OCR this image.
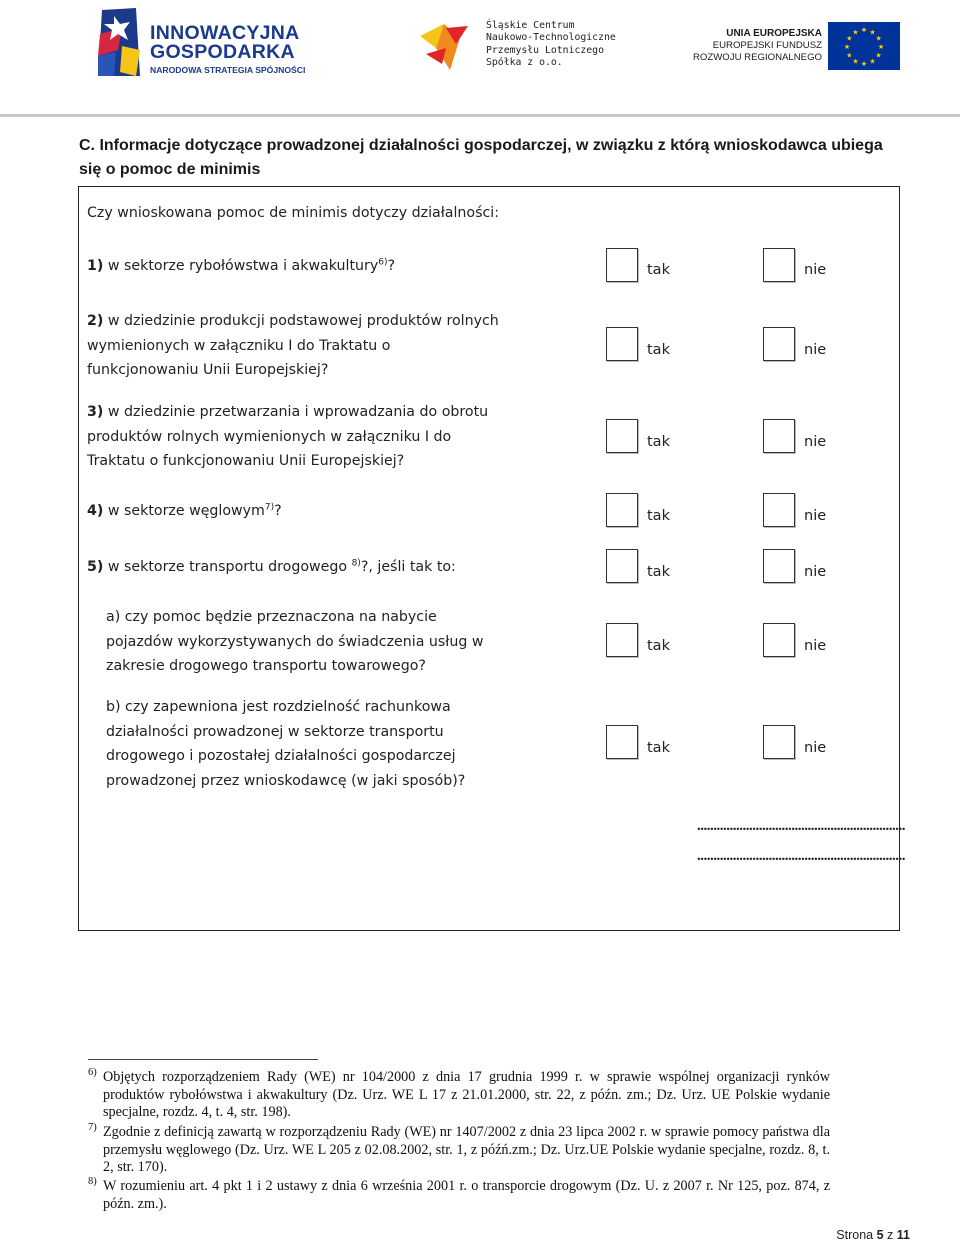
INNOWACYJNA
GOSPODARKA
NARODOWA STRATEGIA SPÓJNOŚCI
Śląskie Centrum
Naukowo-Technologiczne
Przemysłu Lotniczego
Spółka z o.o.
UNIA EUROPEJSKA
EUROPEJSKI FUNDUSZ
ROZWOJU REGIONALNEGO
★ ★
★
★
★
★
★
★
★
★
★
★
C. Informacje dotyczące prowadzonej działalności gospodarczej, w związku z którą wnioskodawca ubiega się o pomoc de minimis
Czy wnioskowana pomoc de minimis dotyczy działalności:
1) w sektorze rybołówstwa i akwakultury$^{6)}$?	tak	nie
2) w dziedzinie produkcji podstawowej produktów rolnych
wymienionych w załączniku I do Traktatu o
funkcjonowaniu Unii Europejskiej?
tak	nie
3) w dziedzinie przetwarzania i wprowadzania do obrotu
produktów rolnych wymienionych w załączniku I do
Traktatu o funkcjonowaniu Unii Europejskiej?
tak	nie
4) w sektorze węglowym$^{7)}$?	tak	nie
5) w sektorze transportu drogowego $^{8)}$?, jeśli tak to:	tak	nie
a) czy pomoc będzie przeznaczona na nabycie
pojazdów wykorzystywanych do świadczenia usług w
zakresie drogowego transportu towarowego?
tak	nie
b) czy zapewniona jest rozdzielność rachunkowa
działalności prowadzonej w sektorze transportu
drogowego i pozostałej działalności gospodarczej
prowadzonej przez wnioskodawcę (w jaki sposób)?
tak	nie
................................................................
................................................................
6) Objętych rozporządzeniem Rady (WE) nr 104/2000 z dnia 17 grudnia 1999 r. w sprawie wspólnej organizacji rynków produktów rybołówstwa i akwakultury (Dz. Urz. WE L 17 z 21.01.2000, str. 22, z późn. zm.; Dz. Urz. UE Polskie wydanie specjalne, rozdz. 4, t. 4, str. 198).
7) Zgodnie z definicją zawartą w rozporządzeniu Rady (WE) nr 1407/2002 z dnia 23 lipca 2002 r. w sprawie pomocy państwa dla przemysłu węglowego (Dz. Urz. WE L 205 z 02.08.2002, str. 1, z późń.zm.; Dz. Urz.UE Polskie wydanie specjalne, rozdz. 8, t. 2, str. 170).
8) W rozumieniu art. 4 pkt 1 i 2 ustawy z dnia 6 września 2001 r. o transporcie drogowym (Dz. U. z 2007 r. Nr 125, poz. 874, z późn. zm.).
Strona 5 z 11
